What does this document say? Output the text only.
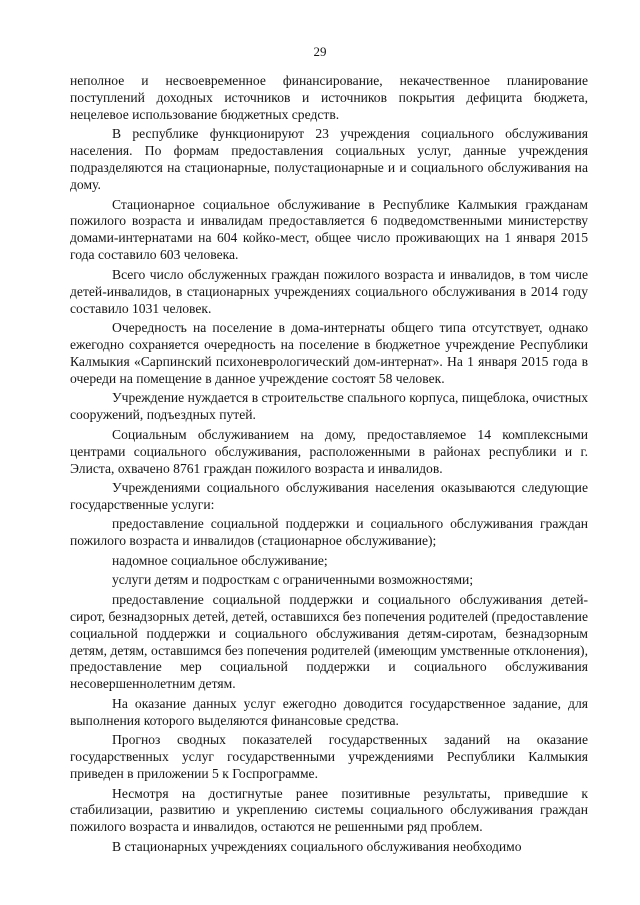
29

неполное и несвоевременное финансирование, некачественное планирование поступлений доходных источников и источников покрытия дефицита бюджета, нецелевое использование бюджетных средств.

В республике функционируют 23 учреждения социального обслуживания населения. По формам предоставления социальных услуг, данные учреждения подразделяются на стационарные, полустационарные и и социального обслуживания на дому.

Стационарное социальное обслуживание в Республике Калмыкия гражданам пожилого возраста и инвалидам предоставляется 6 подведомственными министерству домами-интернатами на 604 койко-мест, общее число проживающих на 1 января 2015 года составило 603 человека.

Всего число обслуженных граждан пожилого возраста и инвалидов, в том числе детей-инвалидов, в стационарных учреждениях социального обслуживания в 2014 году составило 1031 человек.

Очередность на поселение в дома-интернаты общего типа отсутствует, однако ежегодно сохраняется очередность на поселение в бюджетное учреждение Республики Калмыкия «Сарпинский психоневрологический дом-интернат». На 1 января 2015 года в очереди на помещение в данное учреждение состоят 58 человек.

Учреждение нуждается в строительстве спального корпуса, пищеблока, очистных сооружений, подъездных путей.

Социальным обслуживанием на дому, предоставляемое 14 комплексными центрами социального обслуживания, расположенными в районах республики и г. Элиста, охвачено 8761 граждан пожилого возраста и инвалидов.

Учреждениями социального обслуживания населения оказываются следующие государственные услуги:

предоставление социальной поддержки и социального обслуживания граждан пожилого возраста и инвалидов (стационарное обслуживание);

надомное социальное обслуживание;

услуги детям и подросткам с ограниченными возможностями;

предоставление социальной поддержки и социального обслуживания детей-сирот, безнадзорных детей, детей, оставшихся без попечения родителей (предоставление социальной поддержки и социального обслуживания детям-сиротам, безнадзорным детям, детям, оставшимся без попечения родителей (имеющим умственные отклонения), предоставление мер социальной поддержки и социального обслуживания несовершеннолетним детям.

На оказание данных услуг ежегодно доводится государственное задание, для выполнения которого выделяются финансовые средства.

Прогноз сводных показателей государственных заданий на оказание государственных услуг государственными учреждениями Республики Калмыкия приведен в приложении 5 к Госпрограмме.

Несмотря на достигнутые ранее позитивные результаты, приведшие к стабилизации, развитию и укреплению системы социального обслуживания граждан пожилого возраста и инвалидов, остаются не решенными ряд проблем.

В стационарных учреждениях социального обслуживания необходимо
